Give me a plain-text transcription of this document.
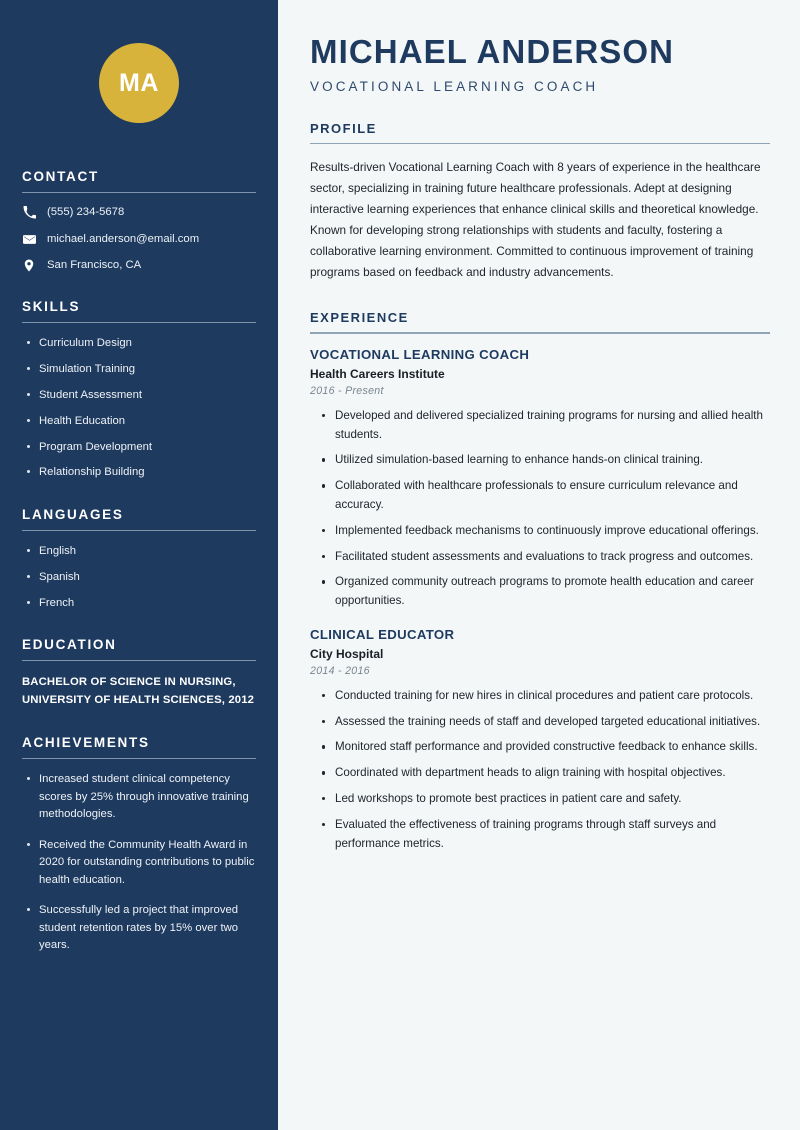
MA
CONTACT
(555) 234-5678
michael.anderson@email.com
San Francisco, CA
SKILLS
Curriculum Design
Simulation Training
Student Assessment
Health Education
Program Development
Relationship Building
LANGUAGES
English
Spanish
French
EDUCATION
BACHELOR OF SCIENCE IN NURSING, UNIVERSITY OF HEALTH SCIENCES, 2012
ACHIEVEMENTS
Increased student clinical competency scores by 25% through innovative training methodologies.
Received the Community Health Award in 2020 for outstanding contributions to public health education.
Successfully led a project that improved student retention rates by 15% over two years.
MICHAEL ANDERSON
VOCATIONAL LEARNING COACH
PROFILE

Results-driven Vocational Learning Coach with 8 years of experience in the healthcare sector, specializing in training future healthcare professionals. Adept at designing interactive learning experiences that enhance clinical skills and theoretical knowledge. Known for developing strong relationships with students and faculty, fostering a collaborative learning environment. Committed to continuous improvement of training programs based on feedback and industry advancements.

EXPERIENCE
VOCATIONAL LEARNING COACH
Health Careers Institute
2016 - Present
Developed and delivered specialized training programs for nursing and allied health students.
Utilized simulation-based learning to enhance hands-on clinical training.
Collaborated with healthcare professionals to ensure curriculum relevance and accuracy.
Implemented feedback mechanisms to continuously improve educational offerings.
Facilitated student assessments and evaluations to track progress and outcomes.
Organized community outreach programs to promote health education and career opportunities.
CLINICAL EDUCATOR
City Hospital
2014 - 2016
Conducted training for new hires in clinical procedures and patient care protocols.
Assessed the training needs of staff and developed targeted educational initiatives.
Monitored staff performance and provided constructive feedback to enhance skills.
Coordinated with department heads to align training with hospital objectives.
Led workshops to promote best practices in patient care and safety.
Evaluated the effectiveness of training programs through staff surveys and performance metrics.
